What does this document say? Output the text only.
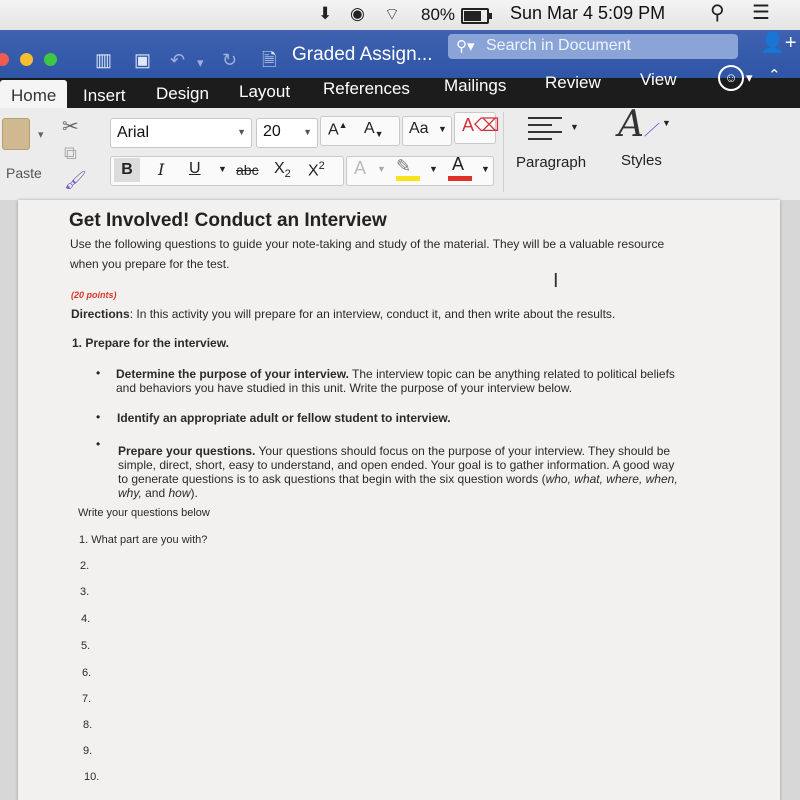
⬇ ◉ ⌔ 80%	Sun Mar 4 5:09 PM ⚲ ☰
▥ ▣ ↶ ▾ ↻ 🗎 Graded Assign... ⚲▾ Search in Document	👤+
Home	Insert Design Layout References Mailings Review View	☺ ▾ ⌃
▾
Paste
✂
⧉
🖌
Arial	▼ 20 ▼ A▲ $A_▼$ Aa ▼ A⌫
B	I U ▼ abc $X_2$ $X^2$ A ▼ ✎ ▼ A ▼
▼
Paragraph
A⟋ ▼
Styles
Get Involved! Conduct an Interview
Use the following questions to guide your note-taking and study of the material. They will be a valuable resource
when you prepare for the test.
I
(20 points)
Directions: In this activity you will prepare for an interview, conduct it, and then write about the results.
1. Prepare for the interview.
• Determine the purpose of your interview. The interview topic can be anything related to political beliefs
and behaviors you have studied in this unit. Write the purpose of your interview below.
• Identify an appropriate adult or fellow student to interview.
• Prepare your questions. Your questions should focus on the purpose of your interview. They should be
simple, direct, short, easy to understand, and open ended. Your goal is to gather information. A good way
to generate questions is to ask questions that begin with the six question words (who, what, where, when,
why, and how).
Write your questions below
1. What part are you with?
2.
3.
4.
5.
6.
7.
8.
9.
10.
